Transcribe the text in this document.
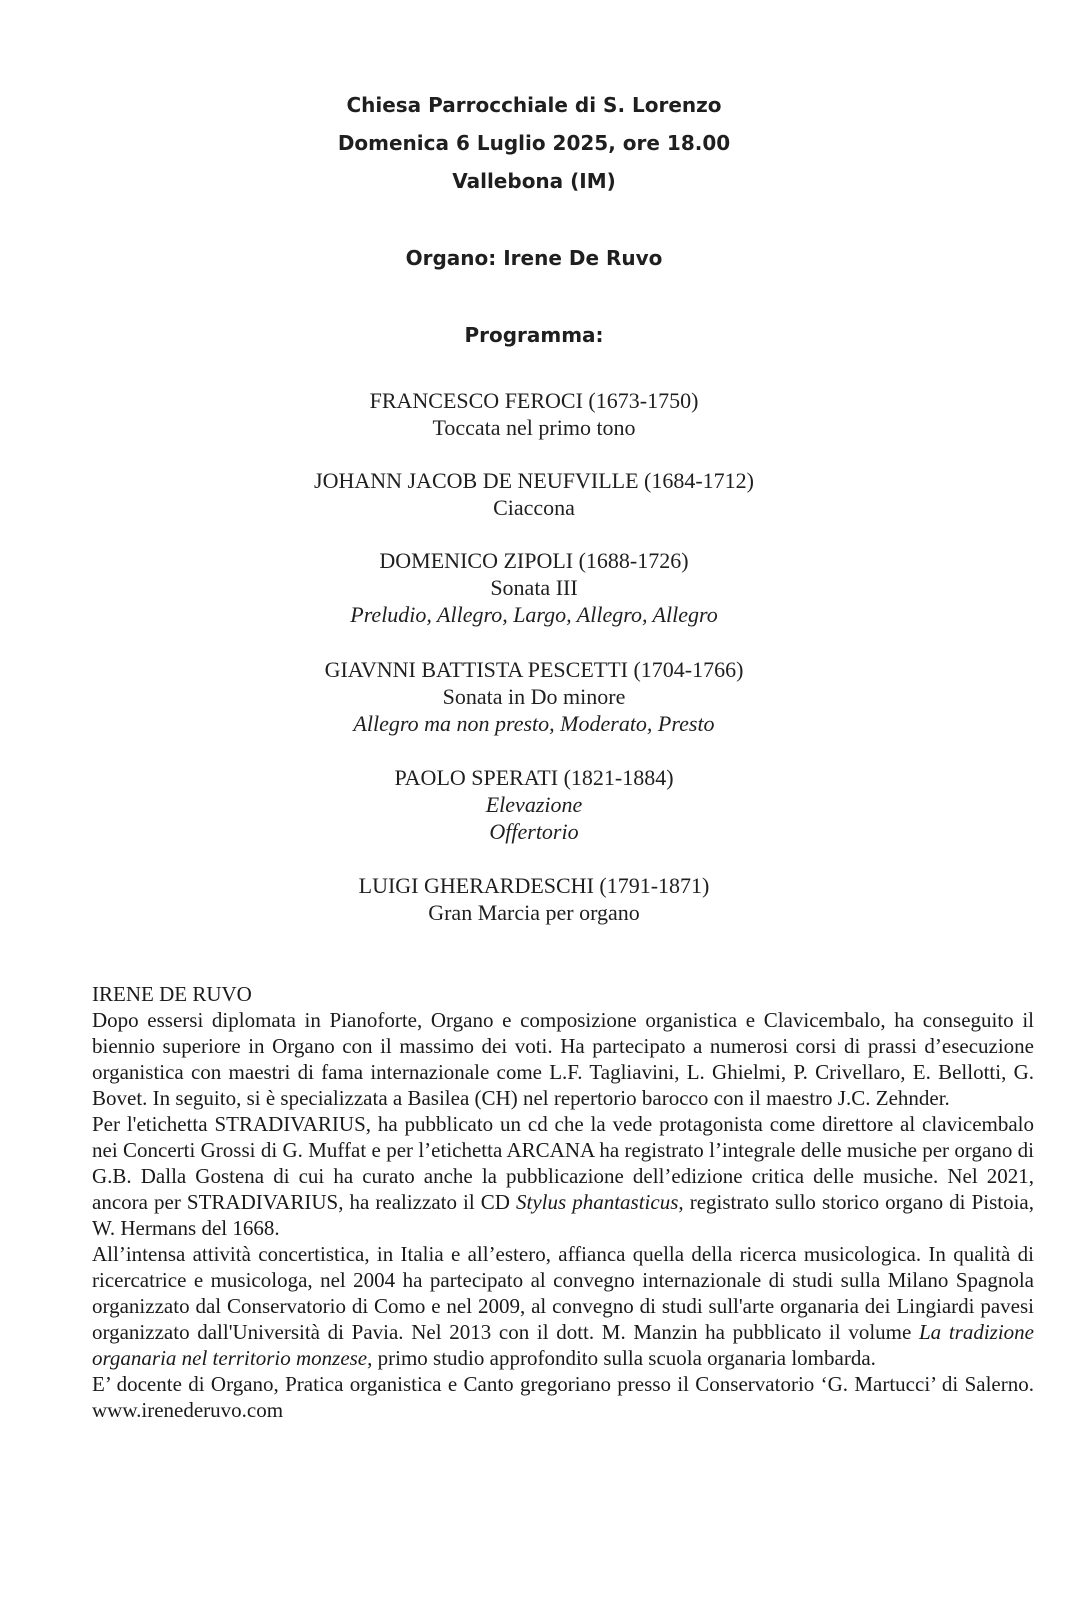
Chiesa Parrocchiale di S. Lorenzo
Domenica 6 Luglio 2025, ore 18.00
Vallebona (IM)
Organo: Irene De Ruvo
Programma:
FRANCESCO FEROCI (1673-1750)
Toccata nel primo tono
JOHANN JACOB DE NEUFVILLE (1684-1712)
Ciaccona
DOMENICO ZIPOLI (1688-1726)
Sonata III
Preludio, Allegro, Largo, Allegro, Allegro
GIAVNNI BATTISTA PESCETTI (1704-1766)
Sonata in Do minore
Allegro ma non presto, Moderato, Presto
PAOLO SPERATI (1821-1884)
Elevazione
Offertorio
LUIGI GHERARDESCHI (1791-1871)
Gran Marcia per organo
IRENE DE RUVO

Dopo essersi diplomata in Pianoforte, Organo e composizione organistica e Clavicembalo, ha conseguito il biennio superiore in Organo con il massimo dei voti. Ha partecipato a numerosi corsi di prassi d’esecuzione organistica con maestri di fama internazionale come L.F. Tagliavini, L. Ghielmi, P. Crivellaro, E. Bellotti, G. Bovet. In seguito, si è specializzata a Basilea (CH) nel repertorio barocco con il maestro J.C. Zehnder.

Per l'etichetta STRADIVARIUS, ha pubblicato un cd che la vede protagonista come direttore al clavicembalo nei Concerti Grossi di G. Muffat e per l’etichetta ARCANA ha registrato l’integrale delle musiche per organo di G.B. Dalla Gostena di cui ha curato anche la pubblicazione dell’edizione critica delle musiche. Nel 2021, ancora per STRADIVARIUS, ha realizzato il CD Stylus phantasticus, registrato sullo storico organo di Pistoia, W. Hermans del 1668.

All’intensa attività concertistica, in Italia e all’estero, affianca quella della ricerca musicologica. In qualità di ricercatrice e musicologa, nel 2004 ha partecipato al convegno internazionale di studi sulla Milano Spagnola organizzato dal Conservatorio di Como e nel 2009, al convegno di studi sull'arte organaria dei Lingiardi pavesi organizzato dall'Università di Pavia. Nel 2013 con il dott. M. Manzin ha pubblicato il volume La tradizione organaria nel territorio monzese, primo studio approfondito sulla scuola organaria lombarda.

E’ docente di Organo, Pratica organistica e Canto gregoriano presso il Conservatorio ‘G. Martucci’ di Salerno. www.irenederuvo.com
